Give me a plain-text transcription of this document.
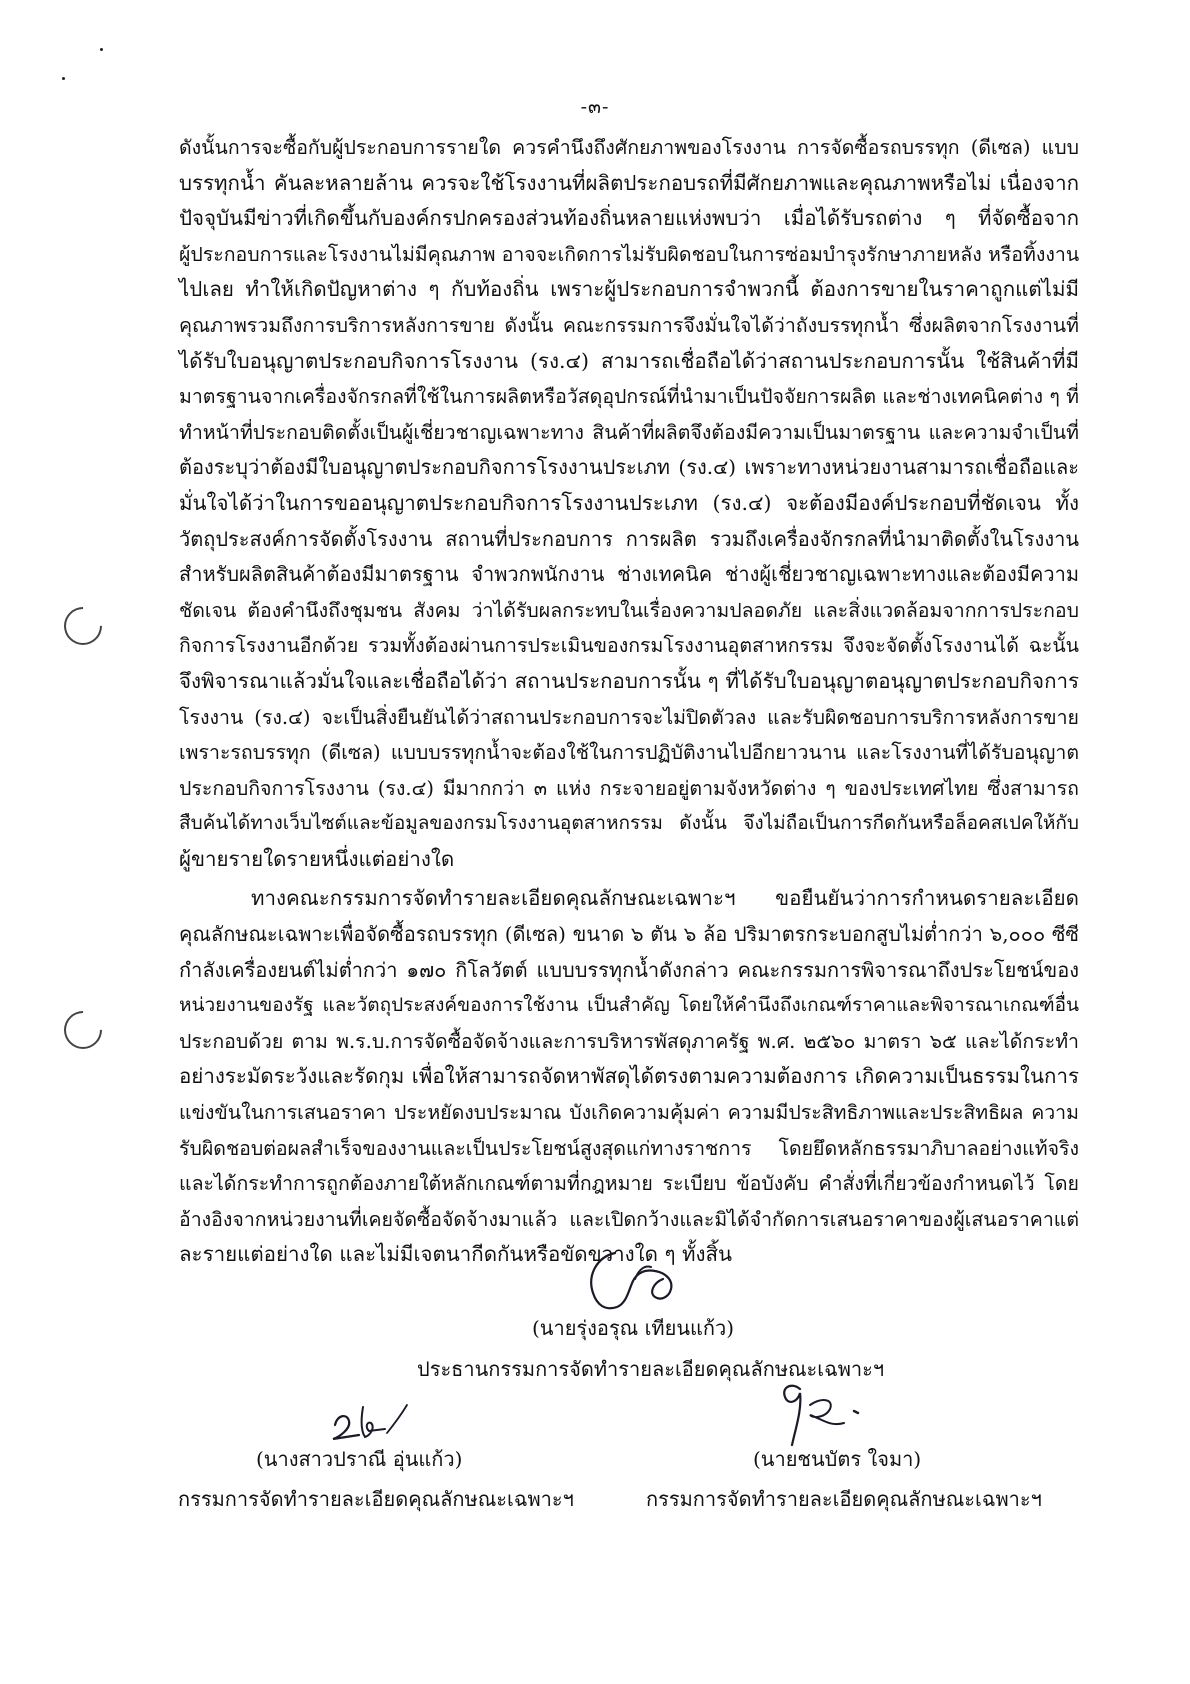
-๓-
ดังนั้นการจะซื้อกับผู้ประกอบการรายใด ควรคำนึงถึงศักยภาพของโรงงาน การจัดซื้อรถบรรทุก (ดีเซล) แบบ
บรรทุกน้ำ คันละหลายล้าน ควรจะใช้โรงงานที่ผลิตประกอบรถที่มีศักยภาพและคุณภาพหรือไม่ เนื่องจาก
ปัจจุบันมีข่าวที่เกิดขึ้นกับองค์กรปกครองส่วนท้องถิ่นหลายแห่งพบว่า เมื่อได้รับรถต่าง ๆ ที่จัดซื้อจาก
ผู้ประกอบการและโรงงานไม่มีคุณภาพ อาจจะเกิดการไม่รับผิดชอบในการซ่อมบำรุงรักษาภายหลัง หรือทิ้งงาน
ไปเลย ทำให้เกิดปัญหาต่าง ๆ กับท้องถิ่น เพราะผู้ประกอบการจำพวกนี้ ต้องการขายในราคาถูกแต่ไม่มี
คุณภาพรวมถึงการบริการหลังการขาย ดังนั้น คณะกรรมการจึงมั่นใจได้ว่าถังบรรทุกน้ำ ซึ่งผลิตจากโรงงานที่
ได้รับใบอนุญาตประกอบกิจการโรงงาน (รง.๔) สามารถเชื่อถือได้ว่าสถานประกอบการนั้น ใช้สินค้าที่มี
มาตรฐานจากเครื่องจักรกลที่ใช้ในการผลิตหรือวัสดุอุปกรณ์ที่นำมาเป็นปัจจัยการผลิต และช่างเทคนิคต่าง ๆ ที่
ทำหน้าที่ประกอบติดตั้งเป็นผู้เชี่ยวชาญเฉพาะทาง สินค้าที่ผลิตจึงต้องมีความเป็นมาตรฐาน และความจำเป็นที่
ต้องระบุว่าต้องมีใบอนุญาตประกอบกิจการโรงงานประเภท (รง.๔) เพราะทางหน่วยงานสามารถเชื่อถือและ
มั่นใจได้ว่าในการขออนุญาตประกอบกิจการโรงงานประเภท (รง.๔) จะต้องมีองค์ประกอบที่ชัดเจน ทั้ง
วัตถุประสงค์การจัดตั้งโรงงาน สถานที่ประกอบการ การผลิต รวมถึงเครื่องจักรกลที่นำมาติดตั้งในโรงงาน
สำหรับผลิตสินค้าต้องมีมาตรฐาน จำพวกพนักงาน ช่างเทคนิค ช่างผู้เชี่ยวชาญเฉพาะทางและต้องมีความ
ชัดเจน ต้องคำนึงถึงชุมชน สังคม ว่าได้รับผลกระทบในเรื่องความปลอดภัย และสิ่งแวดล้อมจากการประกอบ
กิจการโรงงานอีกด้วย รวมทั้งต้องผ่านการประเมินของกรมโรงงานอุตสาหกรรม จึงจะจัดตั้งโรงงานได้ ฉะนั้น
จึงพิจารณาแล้วมั่นใจและเชื่อถือได้ว่า สถานประกอบการนั้น ๆ ที่ได้รับใบอนุญาตอนุญาตประกอบกิจการ
โรงงาน (รง.๔) จะเป็นสิ่งยืนยันได้ว่าสถานประกอบการจะไม่ปิดตัวลง และรับผิดชอบการบริการหลังการขาย
เพราะรถบรรทุก (ดีเซล) แบบบรรทุกน้ำจะต้องใช้ในการปฏิบัติงานไปอีกยาวนาน และโรงงานที่ได้รับอนุญาต
ประกอบกิจการโรงงาน (รง.๔) มีมากกว่า ๓ แห่ง กระจายอยู่ตามจังหวัดต่าง ๆ ของประเทศไทย ซึ่งสามารถ
สืบค้นได้ทางเว็บไซต์และข้อมูลของกรมโรงงานอุตสาหกรรม ดังนั้น จึงไม่ถือเป็นการกีดกันหรือล็อคสเปคให้กับ
ผู้ขายรายใดรายหนึ่งแต่อย่างใด
ทางคณะกรรมการจัดทำรายละเอียดคุณลักษณะเฉพาะฯ ขอยืนยันว่าการกำหนดรายละเอียด
คุณลักษณะเฉพาะเพื่อจัดซื้อรถบรรทุก (ดีเซล) ขนาด ๖ ตัน ๖ ล้อ ปริมาตรกระบอกสูบไม่ต่ำกว่า ๖,๐๐๐ ซีซี
กำลังเครื่องยนต์ไม่ต่ำกว่า ๑๗๐ กิโลวัตต์ แบบบรรทุกน้ำดังกล่าว คณะกรรมการพิจารณาถึงประโยชน์ของ
หน่วยงานของรัฐ และวัตถุประสงค์ของการใช้งาน เป็นสำคัญ โดยให้คำนึงถึงเกณฑ์ราคาและพิจารณาเกณฑ์อื่น
ประกอบด้วย ตาม พ.ร.บ.การจัดซื้อจัดจ้างและการบริหารพัสดุภาครัฐ พ.ศ. ๒๕๖๐ มาตรา ๖๕ และได้กระทำ
อย่างระมัดระวังและรัดกุม เพื่อให้สามารถจัดหาพัสดุได้ตรงตามความต้องการ เกิดความเป็นธรรมในการ
แข่งขันในการเสนอราคา ประหยัดงบประมาณ บังเกิดความคุ้มค่า ความมีประสิทธิภาพและประสิทธิผล ความ
รับผิดชอบต่อผลสำเร็จของงานและเป็นประโยชน์สูงสุดแก่ทางราชการ โดยยึดหลักธรรมาภิบาลอย่างแท้จริง
และได้กระทำการถูกต้องภายใต้หลักเกณฑ์ตามที่กฎหมาย ระเบียบ ข้อบังคับ คำสั่งที่เกี่ยวข้องกำหนดไว้ โดย
อ้างอิงจากหน่วยงานที่เคยจัดซื้อจัดจ้างมาแล้ว และเปิดกว้างและมิได้จำกัดการเสนอราคาของผู้เสนอราคาแต่
ละรายแต่อย่างใด และไม่มีเจตนากีดกันหรือขัดขวางใด ๆ ทั้งสิ้น
(นายรุ่งอรุณ เทียนแก้ว)
ประธานกรรมการจัดทำรายละเอียดคุณลักษณะเฉพาะฯ
(นางสาวปราณี อุ่นแก้ว)
กรรมการจัดทำรายละเอียดคุณลักษณะเฉพาะฯ
(นายชนบัตร ใจมา)
กรรมการจัดทำรายละเอียดคุณลักษณะเฉพาะฯ
